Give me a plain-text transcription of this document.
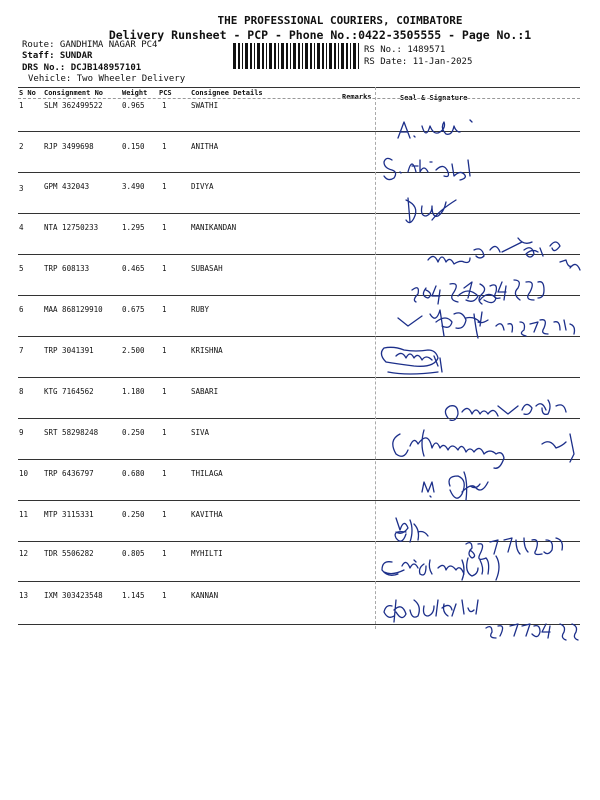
THE PROFESSIONAL COURIERS, COIMBATORE
Delivery Runsheet - PCP - Phone No.:0422-3505555 - Page No.:1
Route: GANDHIMA NAGAR PC4
Staff: SUNDAR
DRS No.: DCJB148957101
Vehicle: Two Wheeler Delivery
RS No.: 1489571
RS Date: 11-Jan-2025
S No Consignment No	Weight PCS	Consignee Details	Remarks	Seal & Signature
1	SLM 362499522	0.965 1	SWATHI
2	RJP 3499698	0.150 1	ANITHA
3	GPM 432043	3.490 1	DIVYA
4	NTA 12750233	1.295 1	MANIKANDAN
5	TRP 608133	0.465 1	SUBASAH
6	MAA 868129910	0.675 1	RUBY
7	TRP 3041391	2.500 1	KRISHNA
8	KTG 7164562	1.180 1	SABARI
9	SRT 58298248	0.250 1	SIVA
10 TRP 6436797	0.680 1	THILAGA
11 MTP 3115331	0.250 1	KAVITHA
12 TDR 5506282	0.805 1	MYHILTI
13 IXM 303423548	1.145 1	KANNAN
